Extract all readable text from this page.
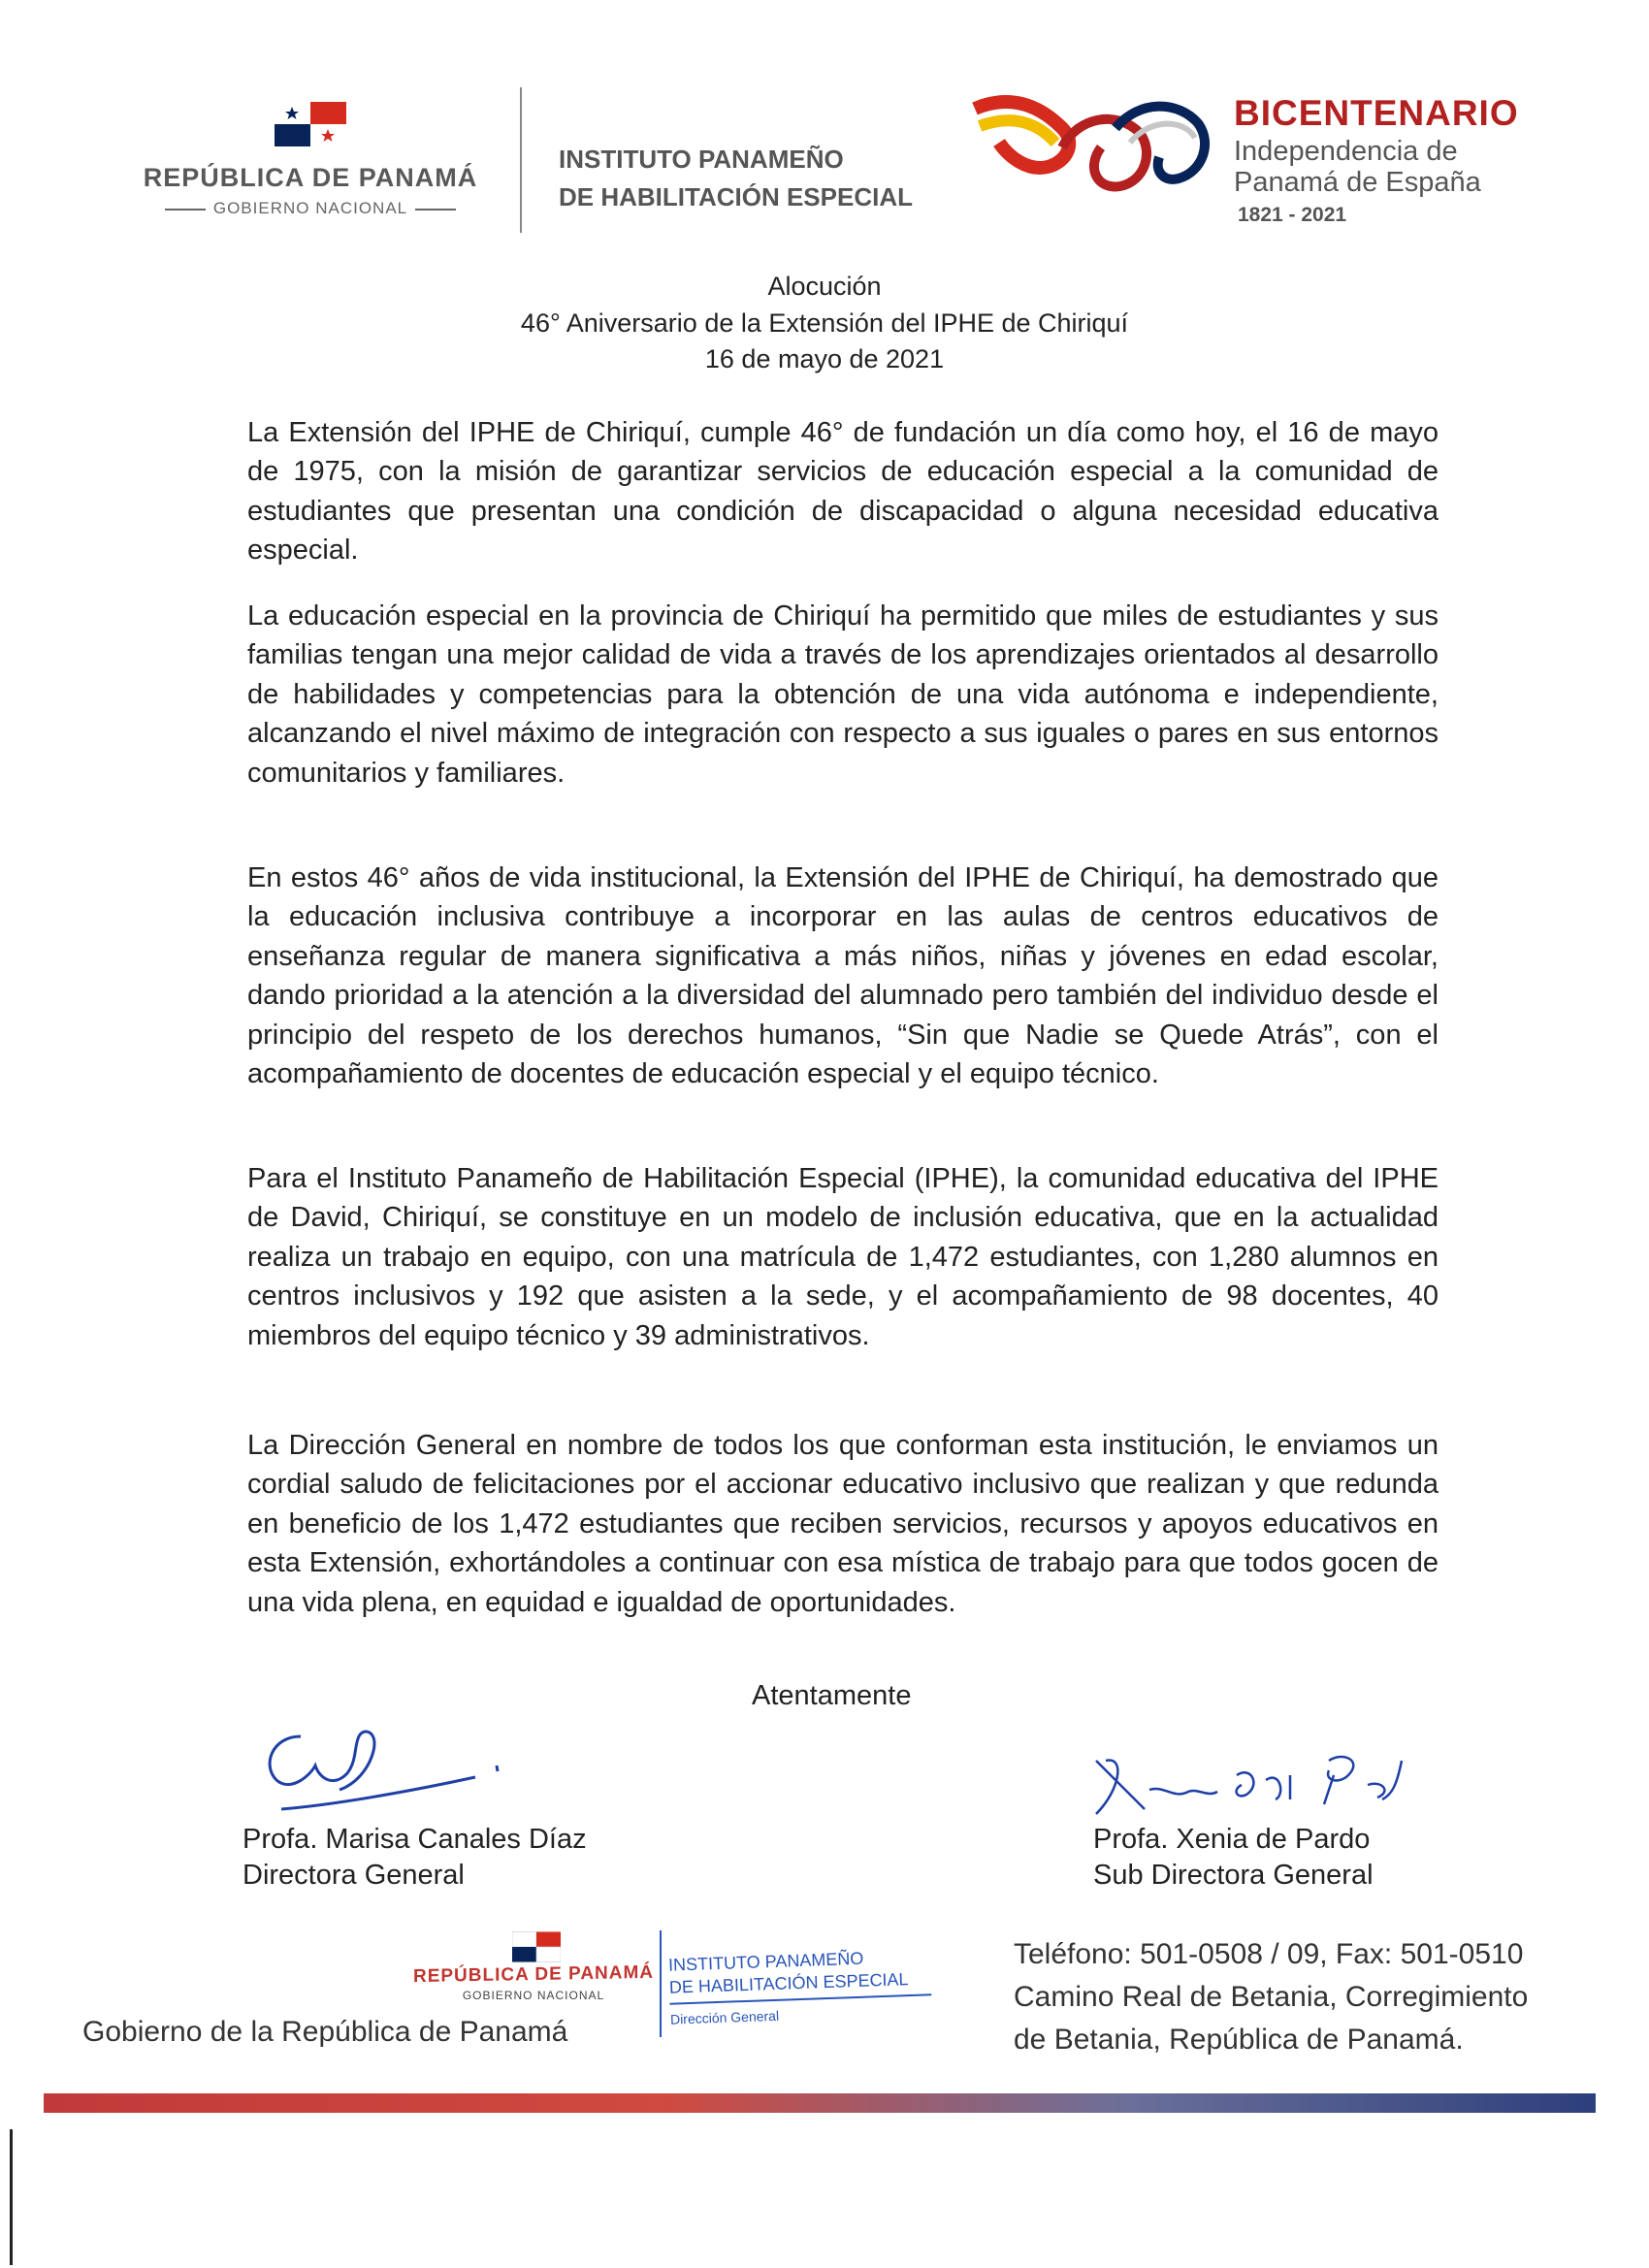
REPÚBLICA DE PANAMÁ
GOBIERNO NACIONAL
INSTITUTO PANAMEÑO
DE HABILITACIÓN ESPECIAL
BICENTENARIO
Independencia de
Panamá de España
1821 - 2021
Alocución
46° Aniversario de la Extensión del IPHE de Chiriquí
16 de mayo de 2021
La Extensión del IPHE de Chiriquí, cumple 46° de fundación un día como hoy, el 16 de mayo de 1975, con la misión de garantizar servicios de educación especial a la comunidad de estudiantes que presentan una condición de discapacidad o alguna necesidad educativa especial.
La educación especial en la provincia de Chiriquí ha permitido que miles de estudiantes y sus familias tengan una mejor calidad de vida a través de los aprendizajes orientados al desarrollo de habilidades y competencias para la obtención de una vida autónoma e independiente, alcanzando el nivel máximo de integración con respecto a sus iguales o pares en sus entornos comunitarios y familiares.
En estos 46° años de vida institucional, la Extensión del IPHE de Chiriquí, ha demostrado que la educación inclusiva contribuye a incorporar en las aulas de centros educativos de enseñanza regular de manera significativa a más niños, niñas y jóvenes en edad escolar, dando prioridad a la atención a la diversidad del alumnado pero también del individuo desde el principio del respeto de los derechos humanos, “Sin que Nadie se Quede Atrás”, con el acompañamiento de docentes de educación especial y el equipo técnico.
Para el Instituto Panameño de Habilitación Especial (IPHE), la comunidad educativa del IPHE de David, Chiriquí, se constituye en un modelo de inclusión educativa, que en la actualidad realiza un trabajo en equipo, con una matrícula de 1,472 estudiantes, con 1,280 alumnos en centros inclusivos y 192 que asisten a la sede, y el acompañamiento de 98 docentes, 40 miembros del equipo técnico y 39 administrativos.
La Dirección General en nombre de todos los que conforman esta institución, le enviamos un cordial saludo de felicitaciones por el accionar educativo inclusivo que realizan y que redunda en beneficio de los 1,472 estudiantes que reciben servicios, recursos y apoyos educativos en esta Extensión, exhortándoles a continuar con esa mística de trabajo para que todos gocen de una vida plena, en equidad e igualdad de oportunidades.
Atentamente
Profa. Marisa Canales Díaz
Directora General
Profa. Xenia de Pardo
Sub Directora General
REPÚBLICA DE PANAMÁ
GOBIERNO NACIONAL
Gobierno de la República de Panamá
INSTITUTO PANAMEÑO
DE HABILITACIÓN ESPECIAL
Dirección General
Teléfono: 501-0508 / 09, Fax: 501-0510
Camino Real de Betania, Corregimiento
de Betania, República de Panamá.
